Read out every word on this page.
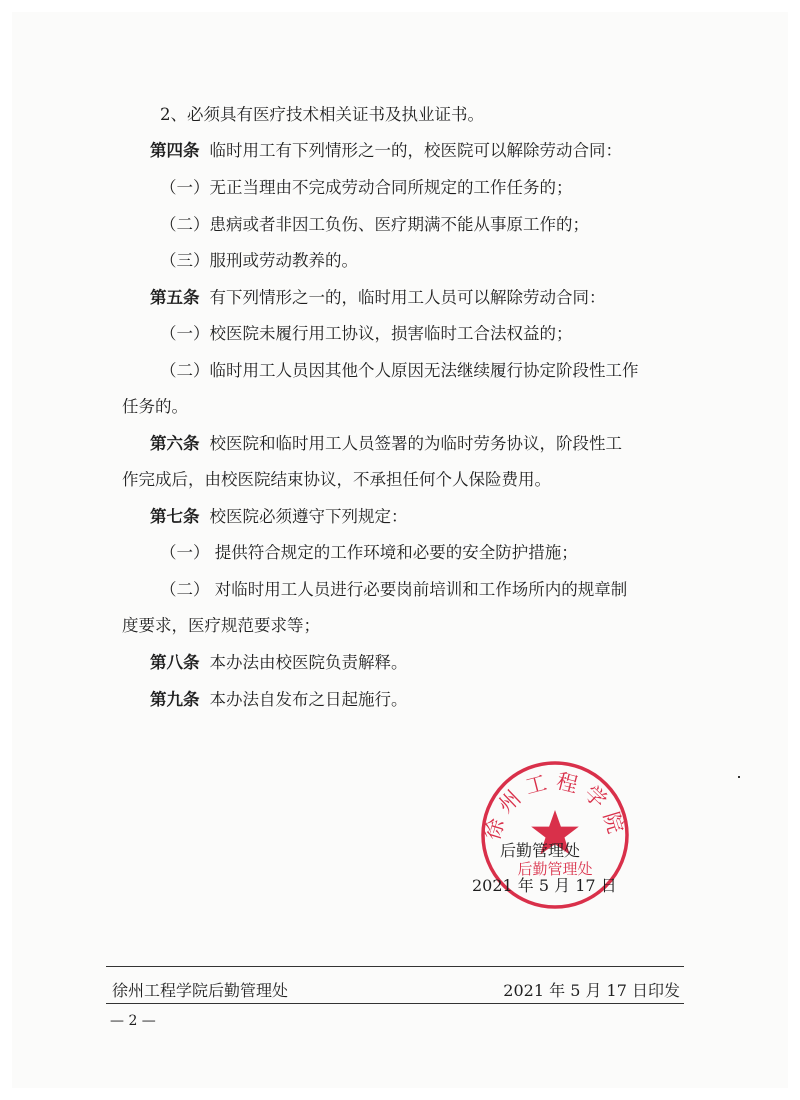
2、必须具有医疗技术相关证书及执业证书。
第四条 临时用工有下列情形之一的，校医院可以解除劳动合同：
（一）无正当理由不完成劳动合同所规定的工作任务的；
（二）患病或者非因工负伤、医疗期满不能从事原工作的；
（三）服刑或劳动教养的。
第五条 有下列情形之一的，临时用工人员可以解除劳动合同：
（一）校医院未履行用工协议，损害临时工合法权益的；
（二）临时用工人员因其他个人原因无法继续履行协定阶段性工作
任务的。
第六条 校医院和临时用工人员签署的为临时劳务协议，阶段性工
作完成后，由校医院结束协议，不承担任何个人保险费用。
第七条 校医院必须遵守下列规定：
（一） 提供符合规定的工作环境和必要的安全防护措施；
（二） 对临时用工人员进行必要岗前培训和工作场所内的规章制
度要求，医疗规范要求等；
第八条 本办法由校医院负责解释。
第九条 本办法自发布之日起施行。
徐州工程学院
后勤管理处
后勤管理处
2021 年 5 月 17 日
徐州工程学院后勤管理处	2021 年 5 月 17 日印发
— 2 —
